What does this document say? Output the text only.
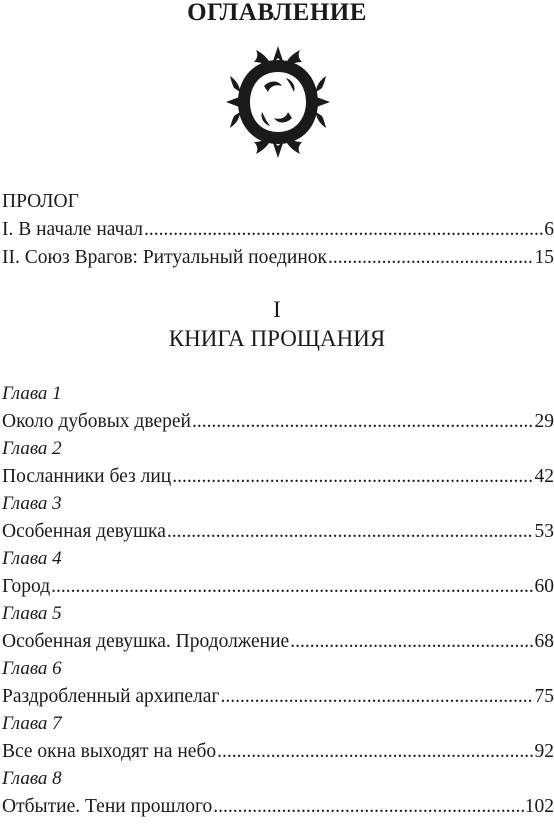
ОГЛАВЛЕНИЕ
ПРОЛОГ
I. В начале начал .....	6
II. Союз Врагов: Ритуальный поединок .....	15
I
КНИГА ПРОЩАНИЯ
Глава 1
Около дубовых дверей .....	29
Глава 2
Посланники без лиц .....	42
Глава 3
Особенная девушка .....	53
Глава 4
Город .....	60
Глава 5
Особенная девушка. Продолжение .....	68
Глава 6
Раздробленный архипелаг .....	75
Глава 7
Все окна выходят на небо .....	92
Глава 8
Отбытие. Тени прошлого .....	102
